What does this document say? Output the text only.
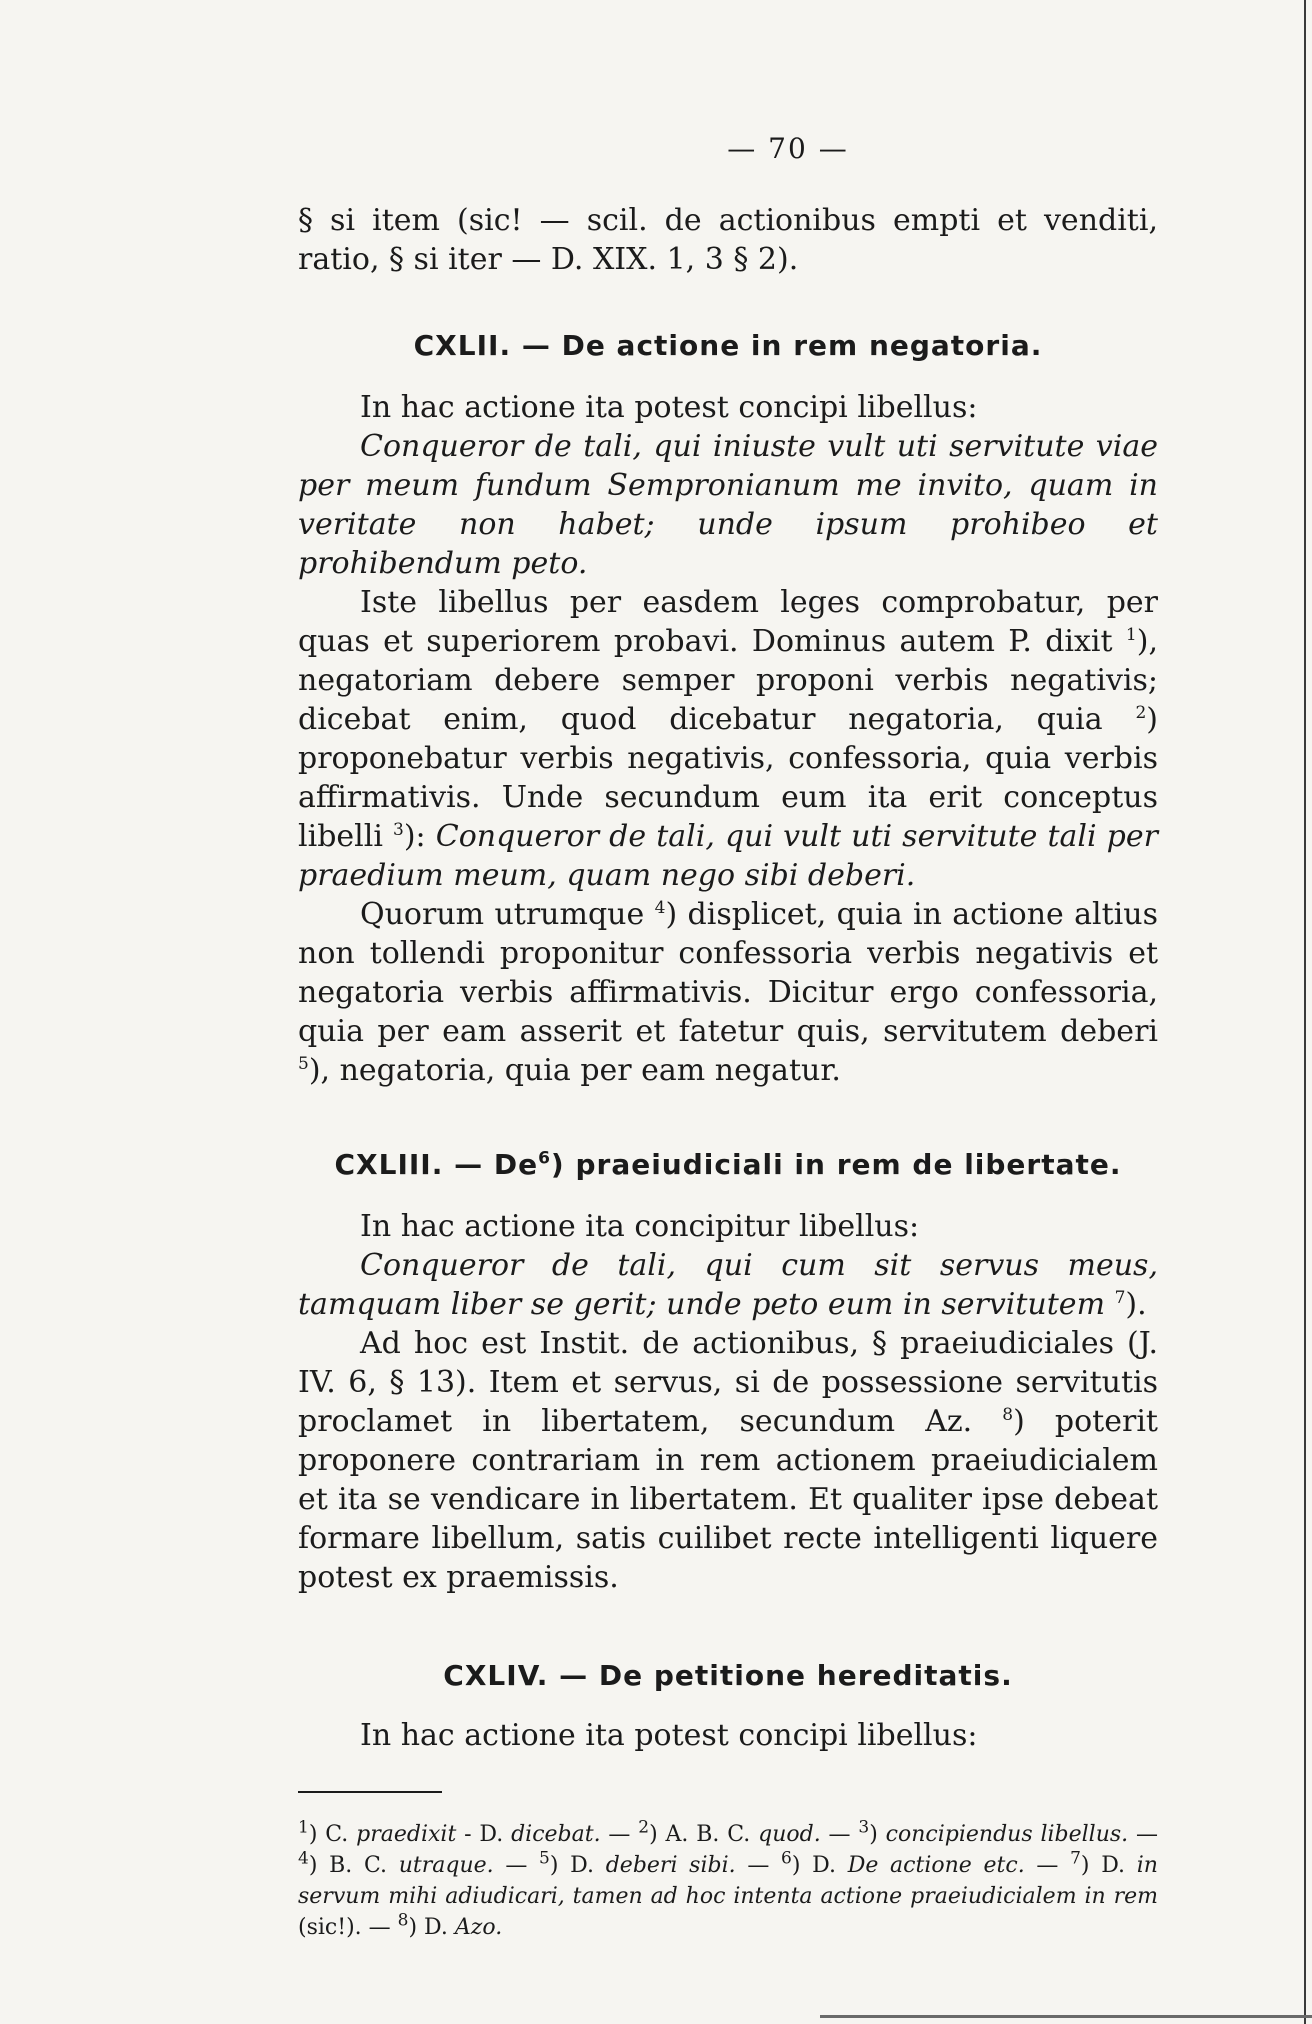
— 70 —

§ si item (sic! — scil. de actionibus empti et venditi, ratio, § si iter — D. XIX. 1, 3 § 2).

CXLII. — De actione in rem negatoria.

In hac actione ita potest concipi libellus:

Conqueror de tali, qui iniuste vult uti servitute viae per meum fundum Sempronianum me invito, quam in veritate non habet; unde ipsum prohibeo et prohibendum peto.

Iste libellus per easdem leges comprobatur, per quas et superiorem probavi. Dominus autem P. dixit $^1$), negatoriam debere semper proponi verbis negativis; dicebat enim, quod dicebatur negatoria, quia $^2$) proponebatur verbis negativis, confessoria, quia verbis affirmativis. Unde secundum eum ita erit conceptus libelli $^3$): Conqueror de tali, qui vult uti servitute tali per praedium meum, quam nego sibi deberi.

Quorum utrumque $^4$) displicet, quia in actione altius non tollendi proponitur confessoria verbis negativis et negatoria verbis affirmativis. Dicitur ergo confessoria, quia per eam asserit et fatetur quis, servitutem deberi $^5$), negatoria, quia per eam negatur.

CXLIII. — De$^6$) praeiudiciali in rem de libertate.

In hac actione ita concipitur libellus:

Conqueror de tali, qui cum sit servus meus, tamquam liber se gerit; unde peto eum in servitutem $^7$).

Ad hoc est Instit. de actionibus, § praeiudiciales (J. IV. 6, § 13). Item et servus, si de possessione servitutis proclamet in libertatem, secundum Az. $^8$) poterit proponere contrariam in rem actionem praeiudicialem et ita se vendicare in libertatem. Et qualiter ipse debeat formare libellum, satis cuilibet recte intelligenti liquere potest ex praemissis.

CXLIV. — De petitione hereditatis.

In hac actione ita potest concipi libellus:

$^1$) C. praedixit - D. dicebat. — $^2$) A. B. C. quod. — $^3$) concipiendus libellus. — $^4$) B. C. utraque. — $^5$) D. deberi sibi. — $^6$) D. De actione etc. — $^7$) D. in servum mihi adiudicari, tamen ad hoc intenta actione praeiudicialem in rem (sic!). — $^8$) D. Azo.
